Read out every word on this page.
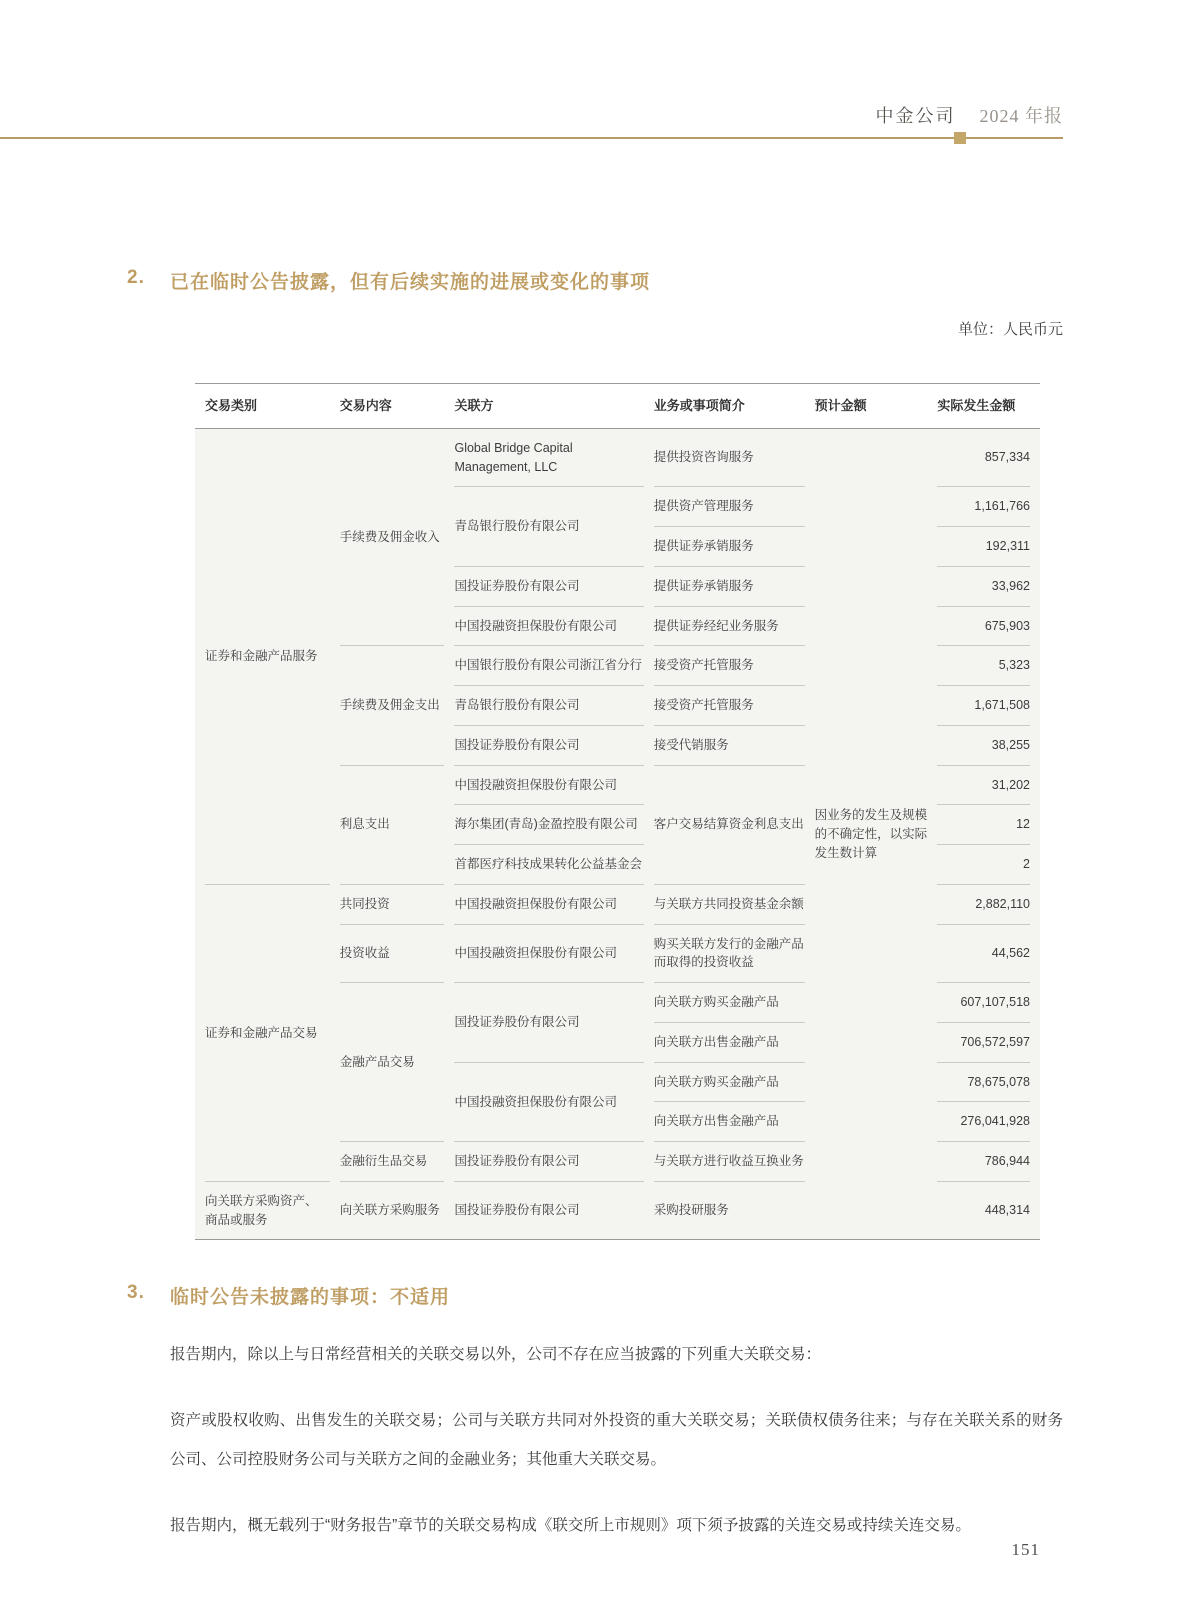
中金公司 2024 年报
2.	已在临时公告披露，但有后续实施的进展或变化的事项
单位：人民币元
交易类别	交易内容	关联方	业务或事项简介	预计金额	实际发生金额
证券和金融产品服务	手续费及佣金收入	Global Bridge Capital Management, LLC	提供投资咨询服务	因业务的发生及规模的不确定性，以实际发生数计算	857,334
		青岛银行股份有限公司	提供资产管理服务		1,161,766
			提供证券承销服务		192,311
		国投证券股份有限公司	提供证券承销服务		33,962
		中国投融资担保股份有限公司	提供证券经纪业务服务		675,903
	手续费及佣金支出	中国银行股份有限公司浙江省分行	接受资产托管服务		5,323
		青岛银行股份有限公司	接受资产托管服务		1,671,508
		国投证券股份有限公司	接受代销服务		38,255
	利息支出	中国投融资担保股份有限公司	客户交易结算资金利息支出		31,202
		海尔集团(青岛)金盈控股有限公司			12
		首都医疗科技成果转化公益基金会			2
证券和金融产品交易	共同投资	中国投融资担保股份有限公司	与关联方共同投资基金余额		2,882,110
	投资收益	中国投融资担保股份有限公司	购买关联方发行的金融产品而取得的投资收益		44,562
	金融产品交易	国投证券股份有限公司	向关联方购买金融产品		607,107,518
			向关联方出售金融产品		706,572,597
		中国投融资担保股份有限公司	向关联方购买金融产品		78,675,078
			向关联方出售金融产品		276,041,928
	金融衍生品交易	国投证券股份有限公司	与关联方进行收益互换业务		786,944
向关联方采购资产、商品或服务	向关联方采购服务	国投证券股份有限公司	采购投研服务		448,314
3.	临时公告未披露的事项：不适用

报告期内，除以上与日常经营相关的关联交易以外，公司不存在应当披露的下列重大关联交易：

资产或股权收购、出售发生的关联交易；公司与关联方共同对外投资的重大关联交易；关联债权债务往来；与存在关联关系的财务公司、公司控股财务公司与关联方之间的金融业务；其他重大关联交易。

报告期内，概无载列于“财务报告”章节的关联交易构成《联交所上市规则》项下须予披露的关连交易或持续关连交易。

151
